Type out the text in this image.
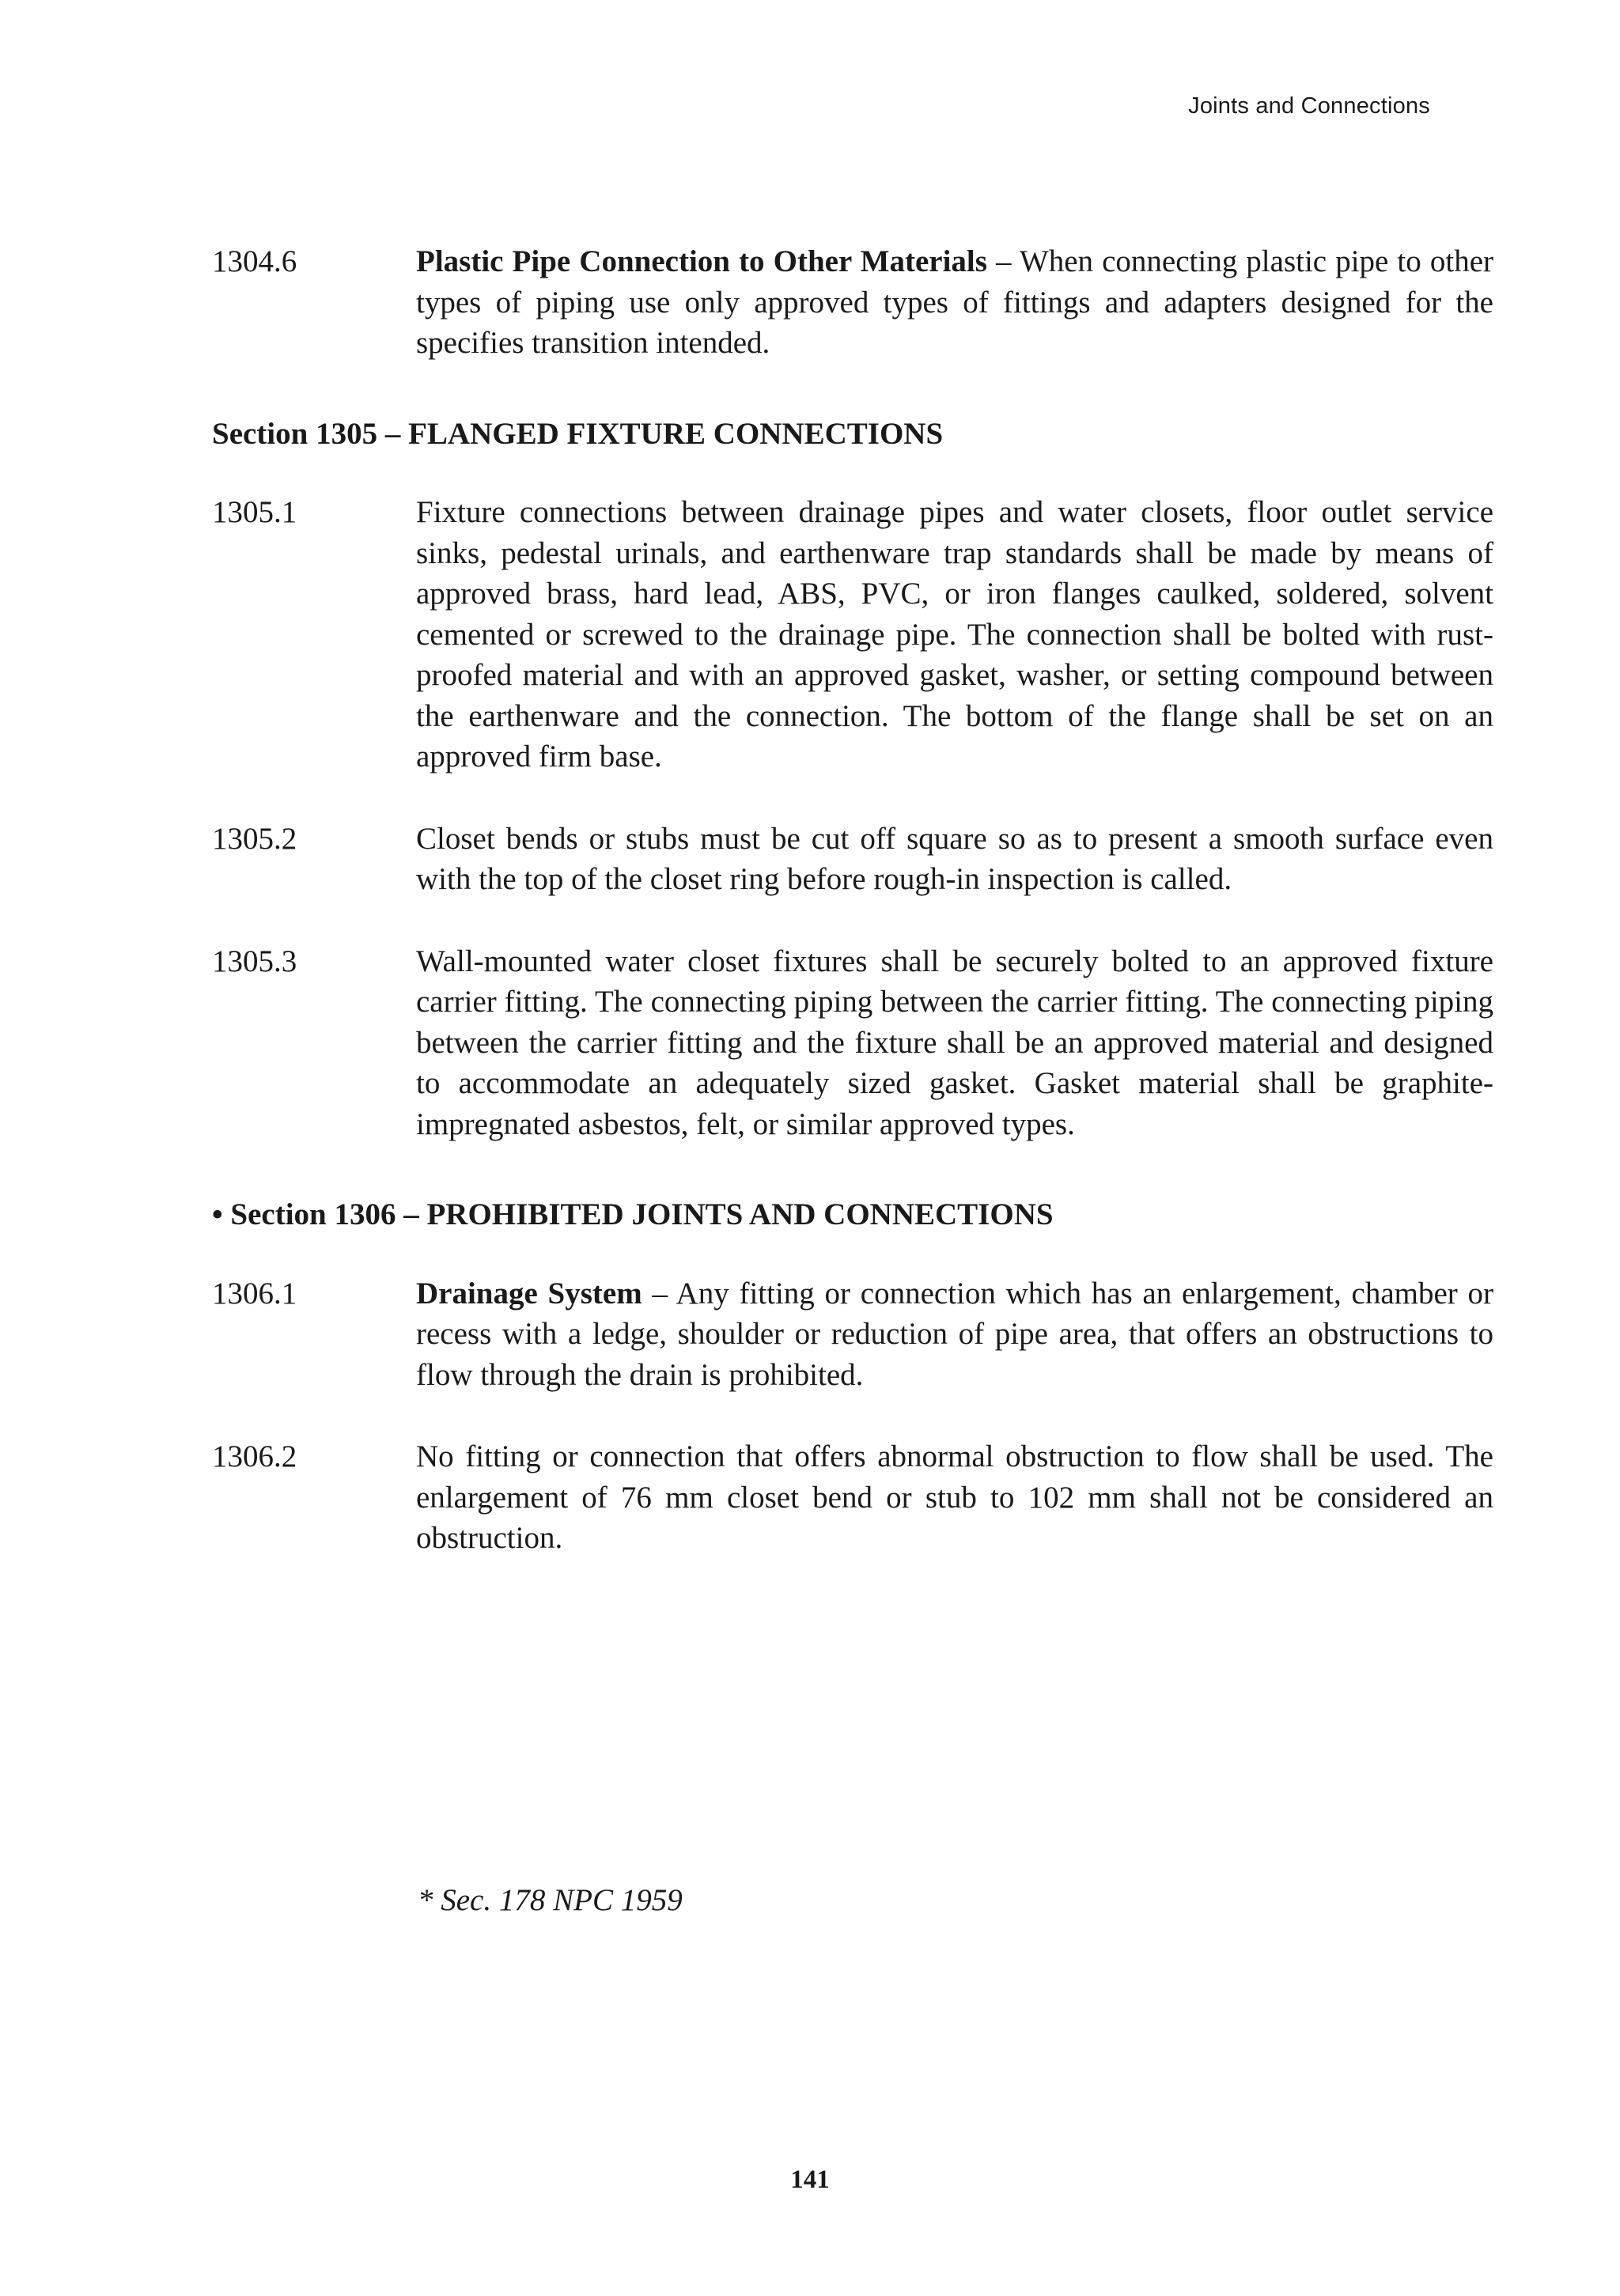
Joints and Connections
1304.6	Plastic Pipe Connection to Other Materials – When connecting plastic pipe to other types of piping use only approved types of fittings and adapters designed for the specifies transition intended.
Section 1305 – FLANGED FIXTURE CONNECTIONS
1305.1	Fixture connections between drainage pipes and water closets, floor outlet service sinks, pedestal urinals, and earthenware trap standards shall be made by means of approved brass, hard lead, ABS, PVC, or iron flanges caulked, soldered, solvent cemented or screwed to the drainage pipe. The connection shall be bolted with rust-proofed material and with an approved gasket, washer, or setting compound between the earthenware and the connection. The bottom of the flange shall be set on an approved firm base.
1305.2	Closet bends or stubs must be cut off square so as to present a smooth surface even with the top of the closet ring before rough-in inspection is called.
1305.3	Wall-mounted water closet fixtures shall be securely bolted to an approved fixture carrier fitting. The connecting piping between the carrier fitting. The connecting piping between the carrier fitting and the fixture shall be an approved material and designed to accommodate an adequately sized gasket. Gasket material shall be graphite-impregnated asbestos, felt, or similar approved types.
• Section 1306 – PROHIBITED JOINTS AND CONNECTIONS
1306.1	Drainage System – Any fitting or connection which has an enlargement, chamber or recess with a ledge, shoulder or reduction of pipe area, that offers an obstructions to flow through the drain is prohibited.
1306.2	No fitting or connection that offers abnormal obstruction to flow shall be used. The enlargement of 76 mm closet bend or stub to 102 mm shall not be considered an obstruction.
* Sec. 178 NPC 1959
141
